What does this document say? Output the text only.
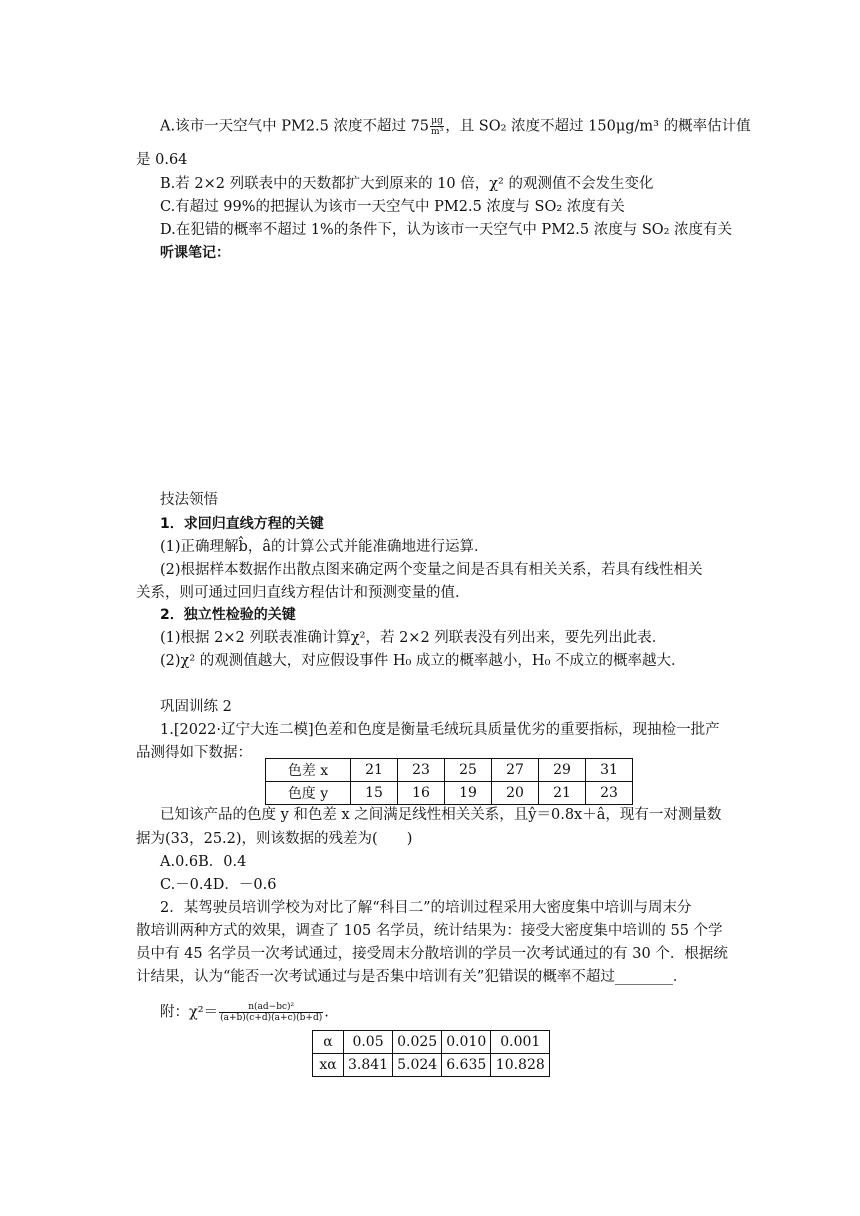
A.该市一天空气中 PM2.5 浓度不超过 $75 \frac{\mu g}{\text{m³}}$ ，且 SO₂ 浓度不超过 150μg/m³ 的概率估计值
是 0.64
B.若 2×2 列联表中的天数都扩大到原来的 10 倍，χ² 的观测值不会发生变化
C.有超过 99%的把握认为该市一天空气中 PM2.5 浓度与 SO₂ 浓度有关
D.在犯错的概率不超过 1%的条件下，认为该市一天空气中 PM2.5 浓度与 SO₂ 浓度有关
听课笔记：
技法领悟
1．求回归直线方程的关键
(1)正确理解b̂，â的计算公式并能准确地进行运算．
(2)根据样本数据作出散点图来确定两个变量之间是否具有相关关系，若具有线性相关
关系，则可通过回归直线方程估计和预测变量的值．
2．独立性检验的关键
(1)根据 2×2 列联表准确计算χ²，若 2×2 列联表没有列出来，要先列出此表．
(2)χ² 的观测值越大，对应假设事件 H₀ 成立的概率越小，H₀ 不成立的概率越大．
巩固训练 2
1.[2022·辽宁大连二模]色差和色度是衡量毛绒玩具质量优劣的重要指标，现抽检一批产
品测得如下数据：
色差 x	21	23	25	27	29	31
色度 y	15	16	19	20	21	23
已知该产品的色度 y 和色差 x 之间满足线性相关关系，且ŷ＝0.8x＋â，现有一对测量数
据为(33，25.2)，则该数据的残差为(　　)
A.0.6B．0.4
C.－0.4D．－0.6
2．某驾驶员培训学校为对比了解“科目二”的培训过程采用大密度集中培训与周末分
散培训两种方式的效果，调查了 105 名学员，统计结果为：接受大密度集中培训的 55 个学
员中有 45 名学员一次考试通过，接受周末分散培训的学员一次考试通过的有 30 个．根据统
计结果，认为“能否一次考试通过与是否集中培训有关”犯错误的概率不超过________．
附：$\chi^2= \frac{\text{n(ad−bc)²}}{(a+b)(c+d)(a+c)(b+d)}$ .
α	0.05	0.025	0.010	0.001
xα	3.841	5.024	6.635	10.828
